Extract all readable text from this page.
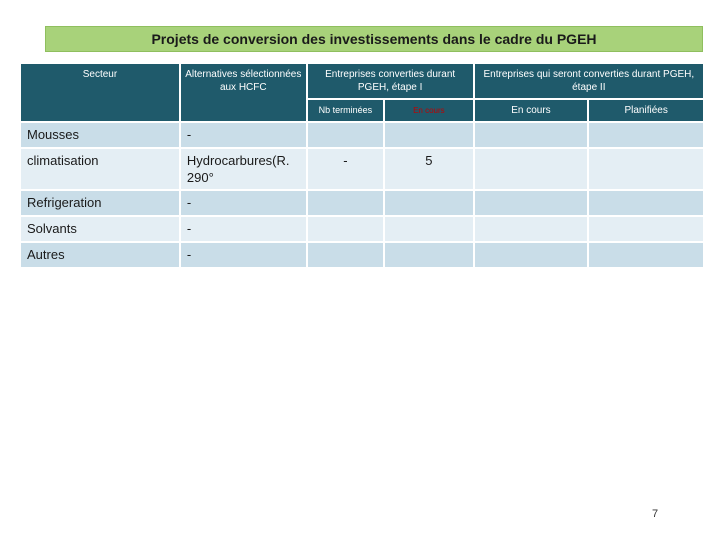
Projets de conversion des investissements dans le cadre du PGEH
Secteur	Alternatives sélectionnées aux HCFC	Entreprises converties durant PGEH, étape I		Entreprises qui seront converties durant PGEH, étape II	
		Nb terminées	En cours	En cours	Planifiées
Mousses	-				
climatisation	Hydrocarbures(R. 290°	-	5		
Refrigeration	-				
Solvants	-				
Autres	-				
7
